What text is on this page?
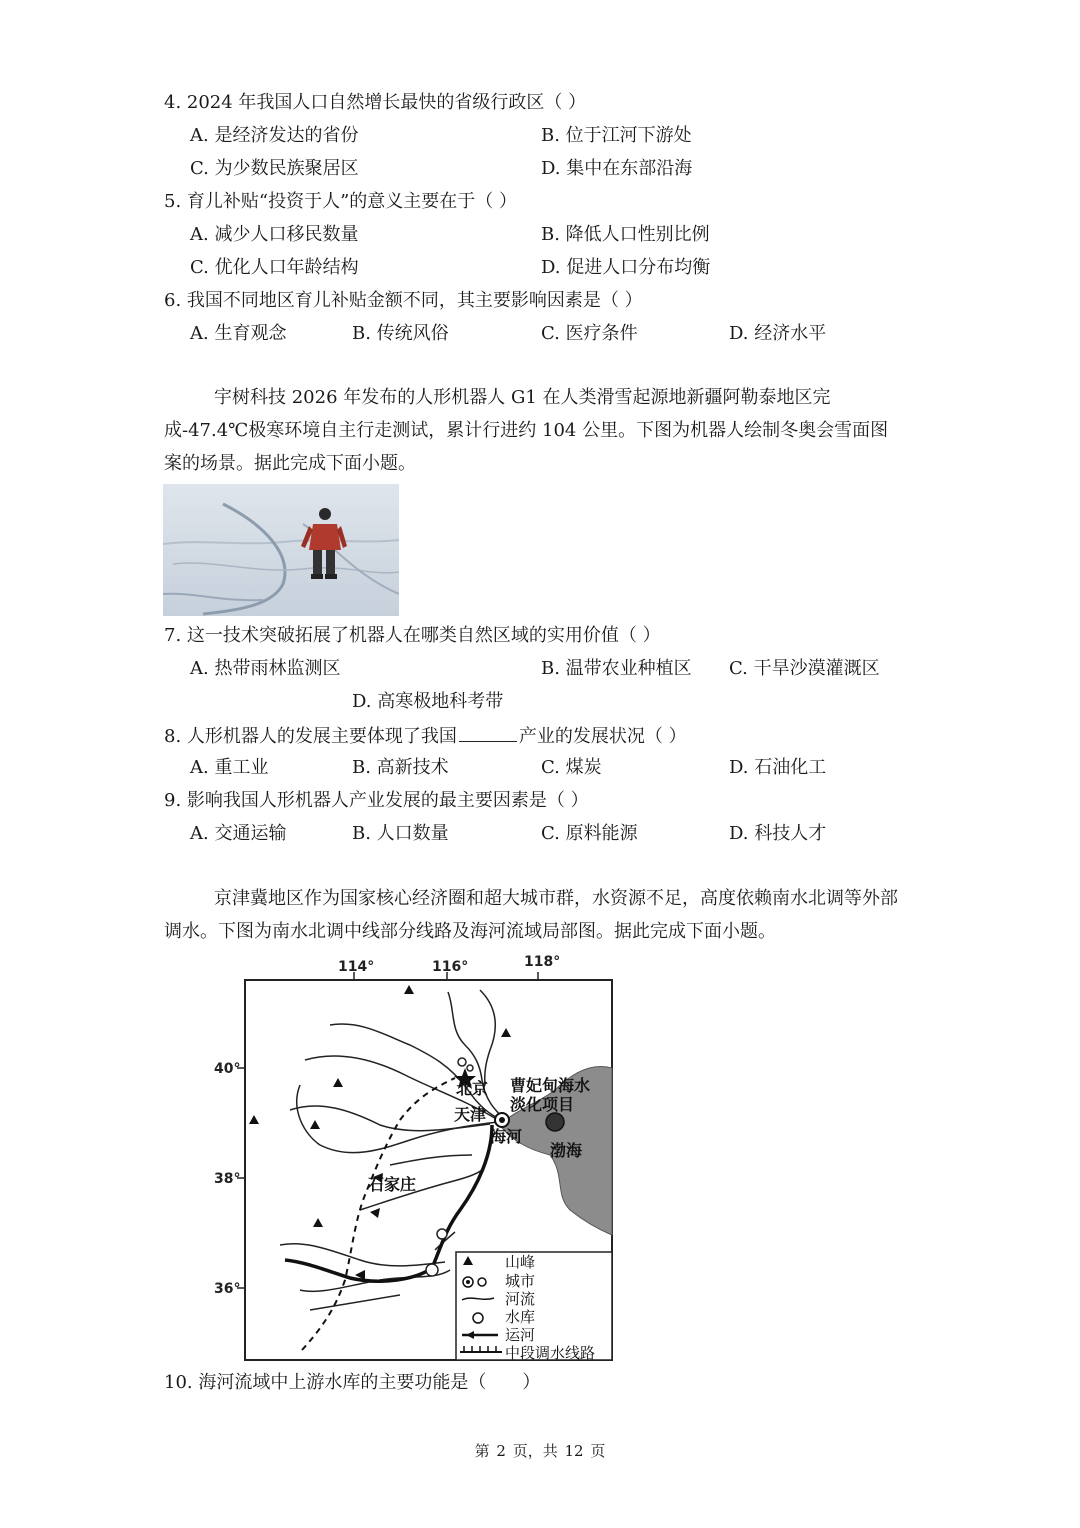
4. 2024 年我国人口自然增长最快的省级行政区（ ）
A. 是经济发达的省份	B. 位于江河下游处
C. 为少数民族聚居区	D. 集中在东部沿海
5. 育儿补贴“投资于人”的意义主要在于（ ）
A. 减少人口移民数量	B. 降低人口性别比例
C. 优化人口年龄结构	D. 促进人口分布均衡
6. 我国不同地区育儿补贴金额不同，其主要影响因素是（ ）
A. 生育观念	B. 传统风俗	C. 医疗条件	D. 经济水平
宇树科技 2026 年发布的人形机器人 G1 在人类滑雪起源地新疆阿勒泰地区完成-47.4℃极寒环境自主行走测试，累计行进约 104 公里。下图为机器人绘制冬奥会雪面图案的场景。据此完成下面小题。
7. 这一技术突破拓展了机器人在哪类自然区域的实用价值（ ）
A. 热带雨林监测区	B. 温带农业种植区 C. 干旱沙漠灌溉区
D. 高寒极地科考带
8. 人形机器人的发展主要体现了我国	产业的发展状况（ ）
A. 重工业	B. 高新技术	C. 煤炭	D. 石油化工
9. 影响我国人形机器人产业发展的最主要因素是（ ）
A. 交通运输	B. 人口数量	C. 原料能源	D. 科技人才
京津冀地区作为国家核心经济圈和超大城市群，水资源不足，高度依赖南水北调等外部调水。下图为南水北调中线部分线路及海河流域局部图。据此完成下面小题。
114°	116°	118°
40°
38°
36°
北京
天津
海河
石家庄
渤海
曹妃甸海水
淡化项目
山峰
城市
河流
水库
运河
中段调水线路
10. 海河流域中上游水库的主要功能是（　　）
第 2 页，共 12 页
